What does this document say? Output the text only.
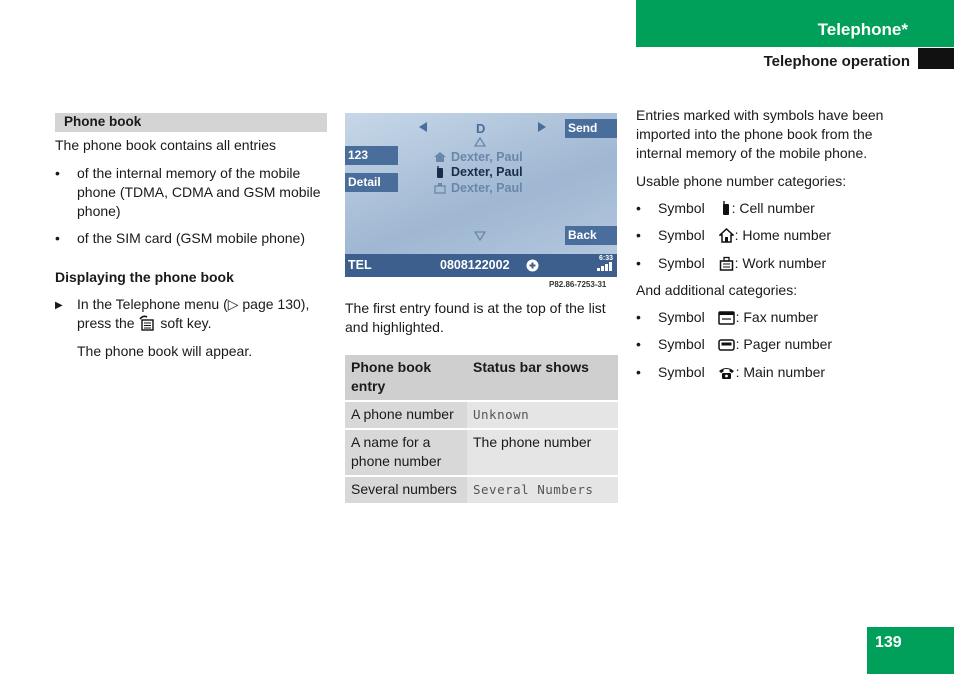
Telephone*
Telephone operation
139
Phone book

The phone book contains all entries

• of the internal memory of the mobile phone (TDMA, CDMA and GSM mobile phone)
• of the SIM card (GSM mobile phone)

Displaying the phone book

▶ In the Telephone menu (▷ page 130),
press the soft key.

The phone book will appear.

D	Send
123
Detail
Dexter, Paul
Dexter, Paul
Dexter, Paul
Back
TEL	0808122002	6:33
P82.86-7253-31

The first entry found is at the top of the list and highlighted.

Phone book entry	Status bar shows
A phone number	Unknown
A name for a phone number	The phone number
Several numbers	Several Numbers

Entries marked with symbols have been imported into the phone book from the internal memory of the mobile phone.

Usable phone number categories:

• Symbol : Cell number
• Symbol : Home number
• Symbol : Work number

And additional categories:

• Symbol : Fax number
• Symbol : Pager number
• Symbol : Main number
